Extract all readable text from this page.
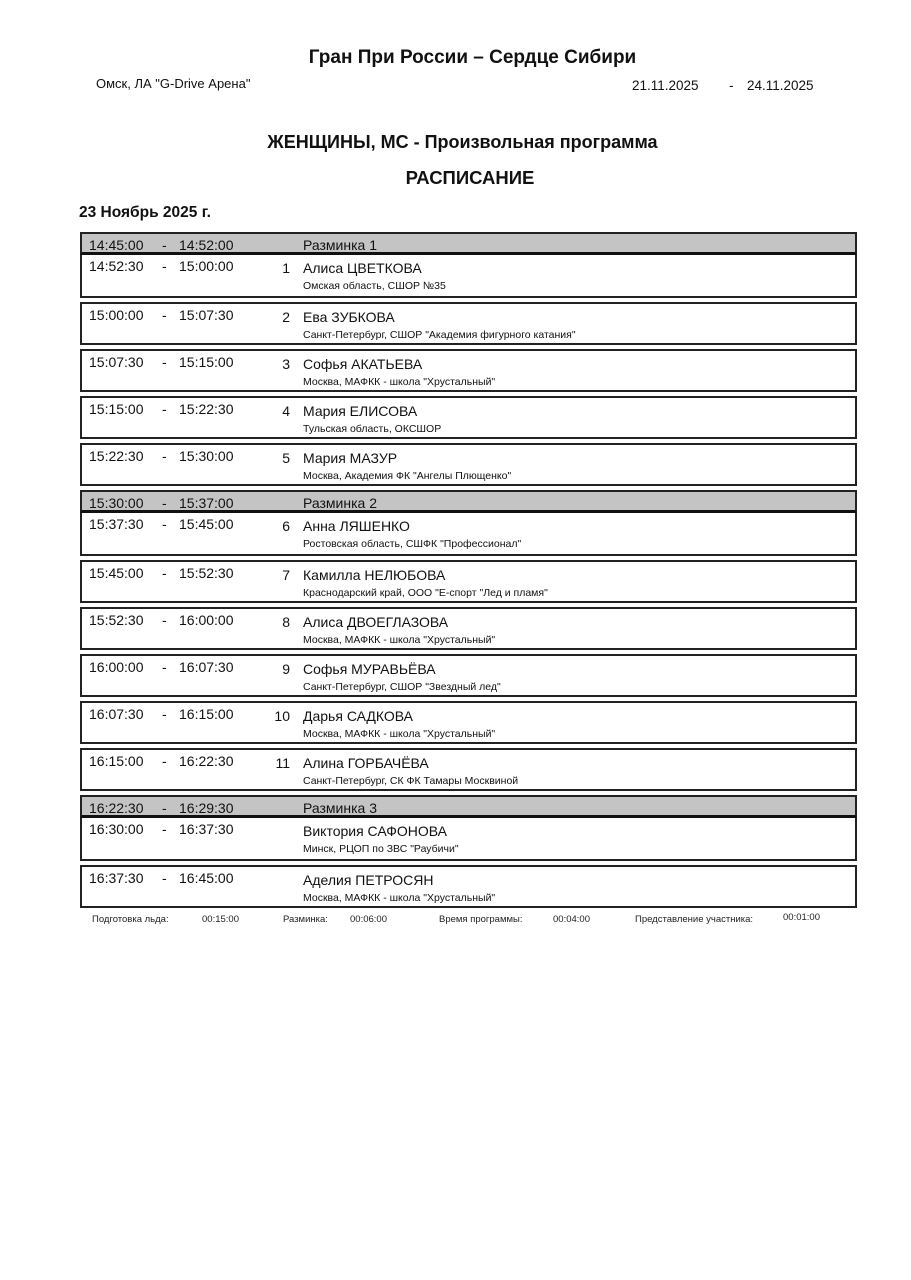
Гран При России – Сердце Сибири
Омск, ЛА "G-Drive Арена"	21.11.2025 - 24.11.2025
ЖЕНЩИНЫ, МС - Произвольная программа
РАСПИСАНИЕ
23 Ноябрь 2025 г.
14:45:00 - 14:52:00	Разминка 1
14:52:30 - 15:00:00	1 Алиса ЦВЕТКОВА
Омская область, СШОР №35
15:00:00 - 15:07:30	2 Ева ЗУБКОВА
Санкт-Петербург, СШОР "Академия фигурного катания"
15:07:30 - 15:15:00	3 Софья АКАТЬЕВА
Москва, МАФКК - школа "Хрустальный"
15:15:00 - 15:22:30	4 Мария ЕЛИСОВА
Тульская область, ОКСШОР
15:22:30 - 15:30:00	5 Мария МАЗУР
Москва, Академия ФК "Ангелы Плющенко"
15:30:00 - 15:37:00	Разминка 2
15:37:30 - 15:45:00	6 Анна ЛЯШЕНКО
Ростовская область, СШФК "Профессионал"
15:45:00 - 15:52:30	7 Камилла НЕЛЮБОВА
Краснодарский край, ООО "Е-спорт "Лед и пламя"
15:52:30 - 16:00:00	8 Алиса ДВОЕГЛАЗОВА
Москва, МАФКК - школа "Хрустальный"
16:00:00 - 16:07:30	9 Софья МУРАВЬЁВА
Санкт-Петербург, СШОР "Звездный лед"
16:07:30 - 16:15:00	10 Дарья САДКОВА
Москва, МАФКК - школа "Хрустальный"
16:15:00 - 16:22:30	11 Алина ГОРБАЧЁВА
Санкт-Петербург, СК ФК Тамары Москвиной
16:22:30 - 16:29:30	Разминка 3
16:30:00 - 16:37:30	Виктория САФОНОВА
Минск, РЦОП по ЗВС "Раубичи"
16:37:30 - 16:45:00	Аделия ПЕТРОСЯН
Москва, МАФКК - школа "Хрустальный"
Подготовка льда:	00:15:00	Разминка: 00:06:00	Время программы:	00:04:00	Представление участника:	00:01:00
